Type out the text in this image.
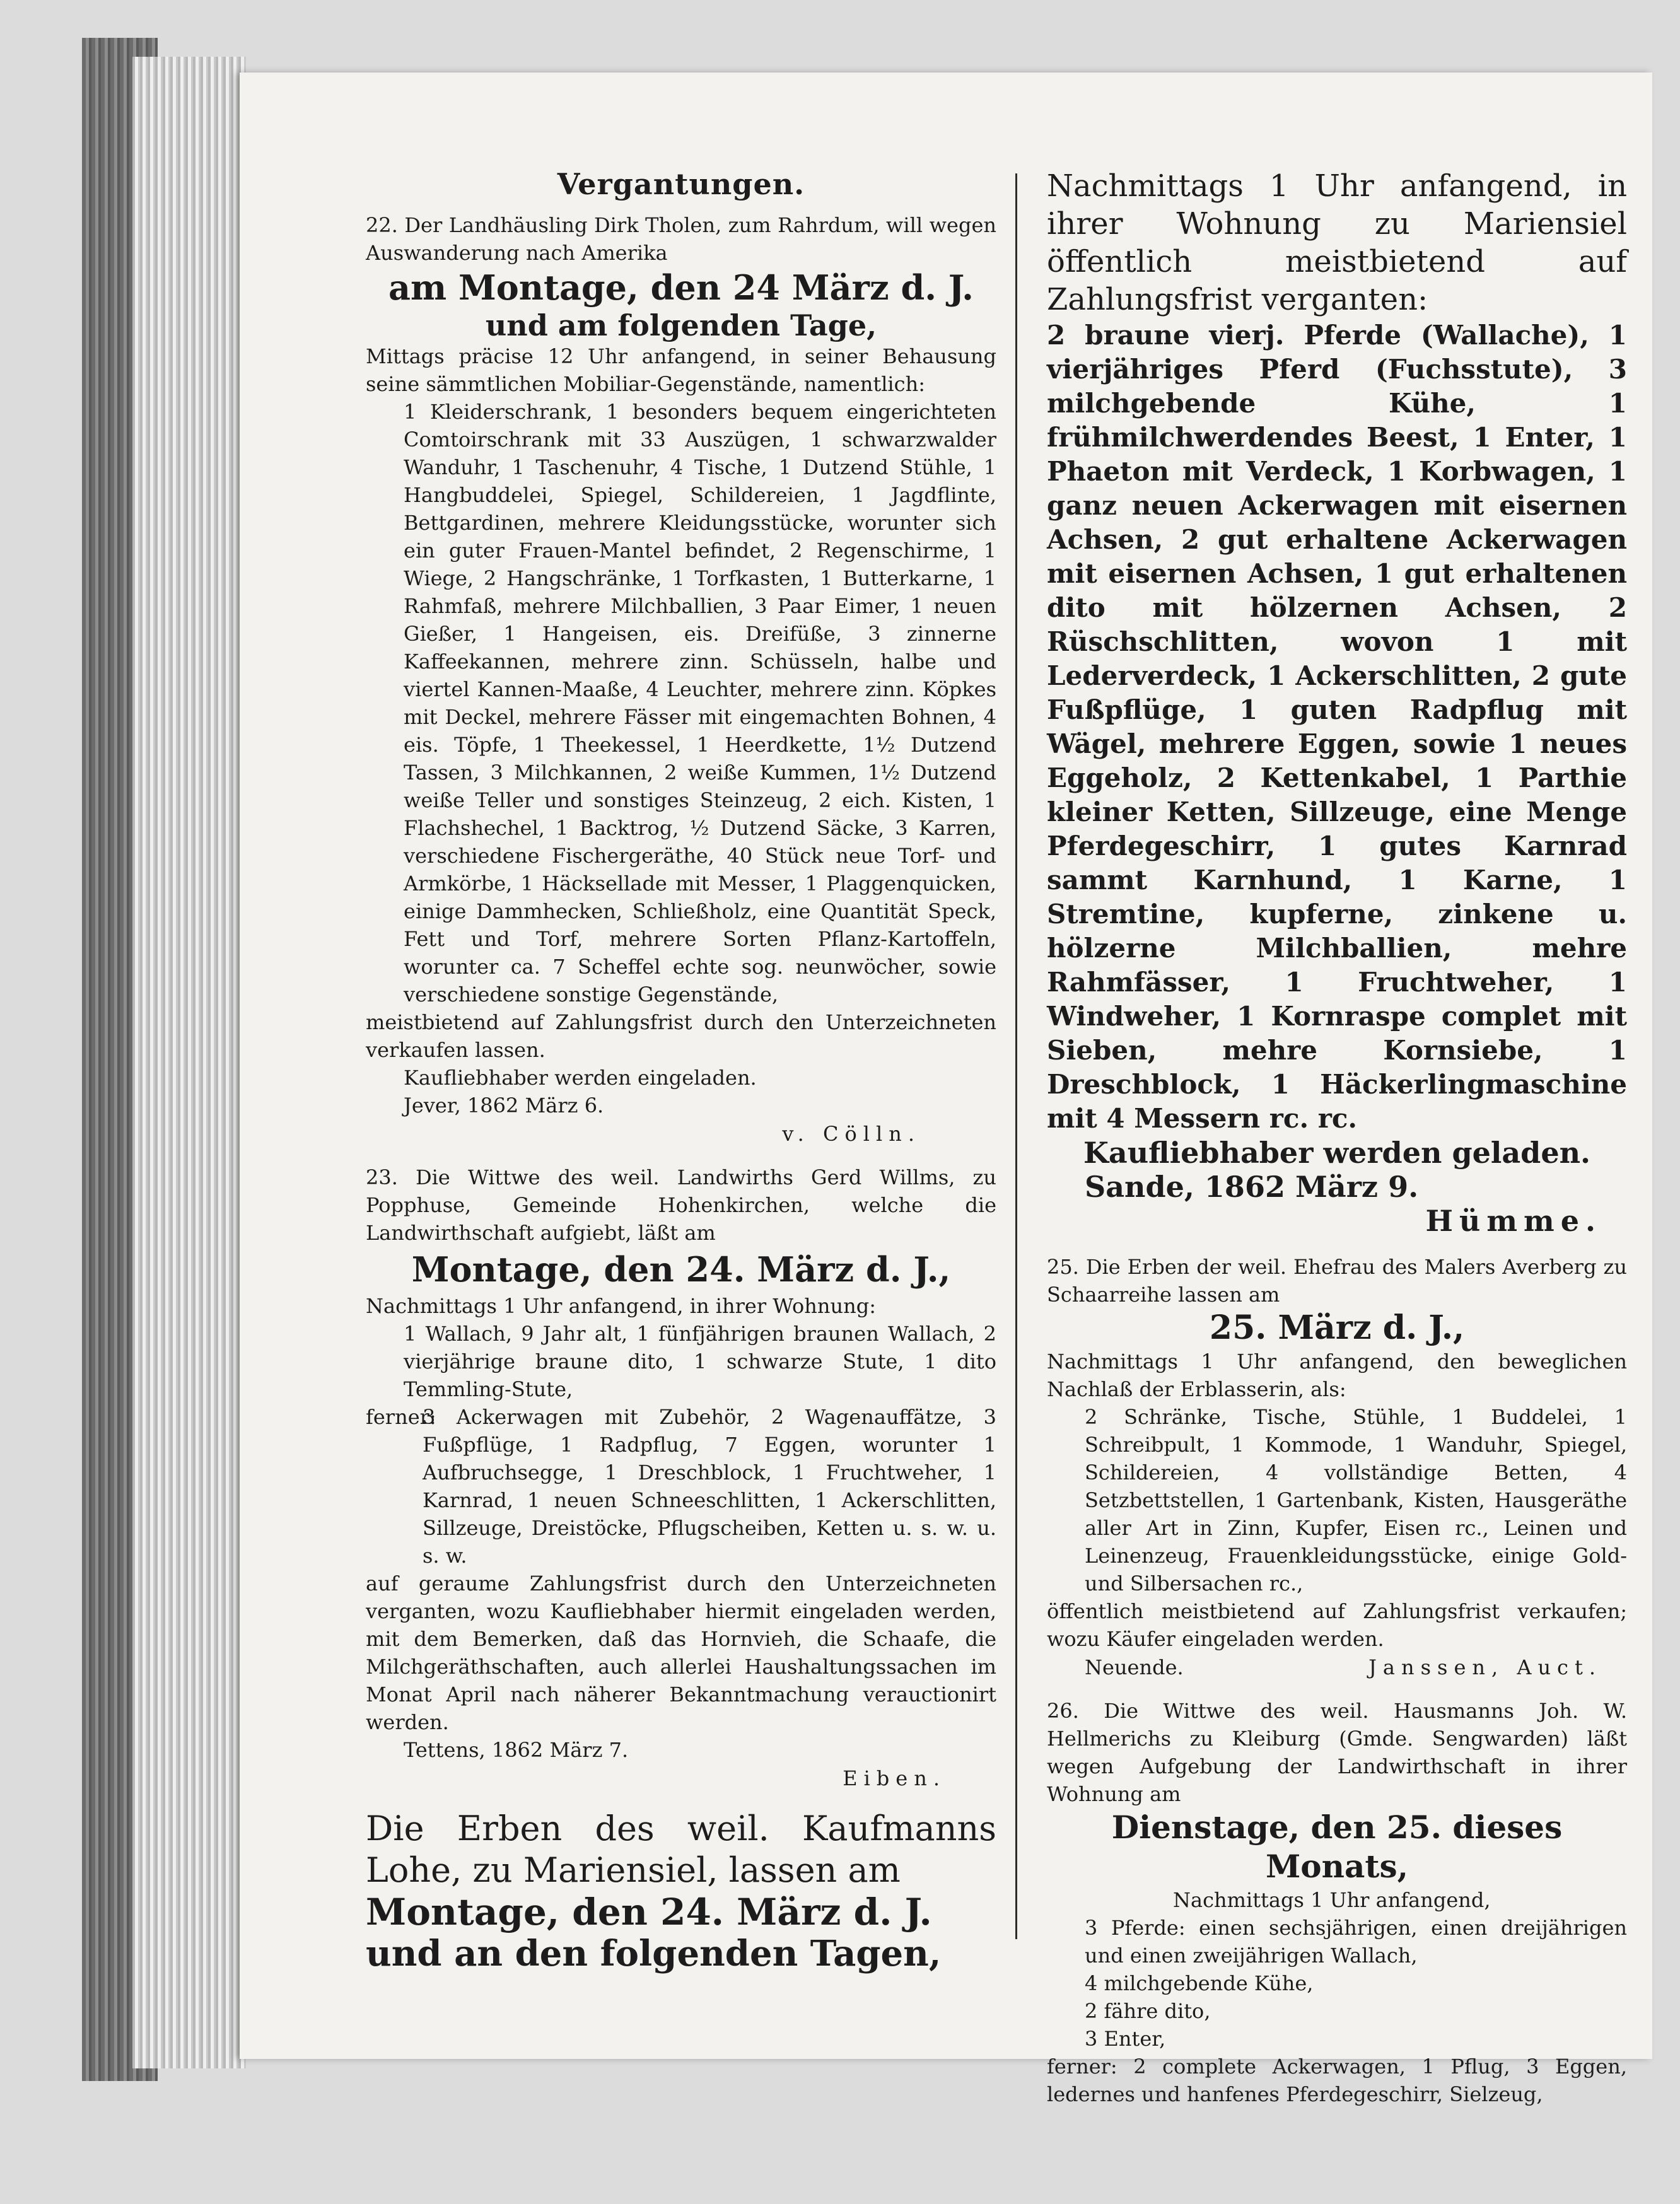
Vergantungen.

22. Der Landhäusling Dirk Tholen, zum Rahrdum, will wegen Auswanderung nach Amerika

am Montage, den 24 März d. J.

und am folgenden Tage,

Mittags präcise 12 Uhr anfangend, in seiner Behausung seine sämmtlichen Mobiliar-Gegenstände, namentlich:

1 Kleiderschrank, 1 besonders bequem eingerichteten Comtoirschrank mit 33 Auszügen, 1 schwarzwalder Wanduhr, 1 Taschenuhr, 4 Tische, 1 Dutzend Stühle, 1 Hangbuddelei, Spiegel, Schildereien, 1 Jagdflinte, Bettgardinen, mehrere Kleidungsstücke, worunter sich ein guter Frauen-Mantel befindet, 2 Regenschirme, 1 Wiege, 2 Hangschränke, 1 Torfkasten, 1 Butterkarne, 1 Rahmfaß, mehrere Milchballien, 3 Paar Eimer, 1 neuen Gießer, 1 Hangeisen, eis. Dreifüße, 3 zinnerne Kaffeekannen, mehrere zinn. Schüsseln, halbe und viertel Kannen-Maaße, 4 Leuchter, mehrere zinn. Köpkes mit Deckel, mehrere Fässer mit eingemachten Bohnen, 4 eis. Töpfe, 1 Theekessel, 1 Heerdkette, 1½ Dutzend Tassen, 3 Milchkannen, 2 weiße Kummen, 1½ Dutzend weiße Teller und sonstiges Steinzeug, 2 eich. Kisten, 1 Flachshechel, 1 Backtrog, ½ Dutzend Säcke, 3 Karren, verschiedene Fischergeräthe, 40 Stück neue Torf- und Armkörbe, 1 Häcksellade mit Messer, 1 Plaggenquicken, einige Dammhecken, Schließholz, eine Quantität Speck, Fett und Torf, mehrere Sorten Pflanz-Kartoffeln, worunter ca. 7 Scheffel echte sog. neunwöcher, sowie verschiedene sonstige Gegenstände,

meistbietend auf Zahlungsfrist durch den Unterzeichneten verkaufen lassen.

Kaufliebhaber werden eingeladen.

Jever, 1862 März 6.

v. Cölln.

23. Die Wittwe des weil. Landwirths Gerd Willms, zu Popphuse, Gemeinde Hohenkirchen, welche die Landwirthschaft aufgiebt, läßt am

Montage, den 24. März d. J.,

Nachmittags 1 Uhr anfangend, in ihrer Wohnung:

1 Wallach, 9 Jahr alt, 1 fünfjährigen braunen Wallach, 2 vierjährige braune dito, 1 schwarze Stute, 1 dito Temmling-Stute,

ferner:

3 Ackerwagen mit Zubehör, 2 Wagenauffätze, 3 Fußpflüge, 1 Radpflug, 7 Eggen, worunter 1 Aufbruchsegge, 1 Dreschblock, 1 Fruchtweher, 1 Karnrad, 1 neuen Schneeschlitten, 1 Ackerschlitten, Sillzeuge, Dreistöcke, Pflugscheiben, Ketten u. s. w. u. s. w.

auf geraume Zahlungsfrist durch den Unterzeichneten verganten, wozu Kaufliebhaber hiermit eingeladen werden, mit dem Bemerken, daß das Hornvieh, die Schaafe, die Milchgeräthschaften, auch allerlei Haushaltungssachen im Monat April nach näherer Bekanntmachung verauctionirt werden.

Tettens, 1862 März 7.

Eiben.

Die Erben des weil. Kaufmanns Lohe, zu Mariensiel, lassen am

Montage, den 24. März d. J.

und an den folgenden Tagen,

Nachmittags 1 Uhr anfangend, in ihrer Wohnung zu Mariensiel öffentlich meistbietend auf Zahlungsfrist verganten:

2 braune vierj. Pferde (Wallache), 1 vierjähriges Pferd (Fuchsstute), 3 milchgebende Kühe, 1 frühmilchwerdendes Beest, 1 Enter, 1 Phaeton mit Verdeck, 1 Korbwagen, 1 ganz neuen Ackerwagen mit eisernen Achsen, 2 gut erhaltene Ackerwagen mit eisernen Achsen, 1 gut erhaltenen dito mit hölzernen Achsen, 2 Rüschschlitten, wovon 1 mit Lederverdeck, 1 Ackerschlitten, 2 gute Fußpflüge, 1 guten Radpflug mit Wägel, mehrere Eggen, sowie 1 neues Eggeholz, 2 Kettenkabel, 1 Parthie kleiner Ketten, Sillzeuge, eine Menge Pferdegeschirr, 1 gutes Karnrad sammt Karnhund, 1 Karne, 1 Stremtine, kupferne, zinkene u. hölzerne Milchballien, mehre Rahmfässer, 1 Fruchtweher, 1 Windweher, 1 Kornraspe complet mit Sieben, mehre Kornsiebe, 1 Dreschblock, 1 Häckerlingmaschine mit 4 Messern rc. rc.

Kaufliebhaber werden geladen.

Sande, 1862 März 9.

Hümme.

25. Die Erben der weil. Ehefrau des Malers Averberg zu Schaarreihe lassen am

25. März d. J.,

Nachmittags 1 Uhr anfangend, den beweglichen Nachlaß der Erblasserin, als:

2 Schränke, Tische, Stühle, 1 Buddelei, 1 Schreibpult, 1 Kommode, 1 Wanduhr, Spiegel, Schildereien, 4 vollständige Betten, 4 Setzbettstellen, 1 Gartenbank, Kisten, Hausgeräthe aller Art in Zinn, Kupfer, Eisen rc., Leinen und Leinenzeug, Frauenkleidungsstücke, einige Gold- und Silbersachen rc.,

öffentlich meistbietend auf Zahlungsfrist verkaufen; wozu Käufer eingeladen werden.

Neuende.	Janssen, Auct.

26. Die Wittwe des weil. Hausmanns Joh. W. Hellmerichs zu Kleiburg (Gmde. Sengwarden) läßt wegen Aufgebung der Landwirthschaft in ihrer Wohnung am

Dienstage, den 25. dieses Monats,

Nachmittags 1 Uhr anfangend,

3 Pferde: einen sechsjährigen, einen dreijährigen und einen zweijährigen Wallach,

4 milchgebende Kühe,

2 fähre dito,

3 Enter,

ferner: 2 complete Ackerwagen, 1 Pflug, 3 Eggen, ledernes und hanfenes Pferdegeschirr, Sielzeug,
